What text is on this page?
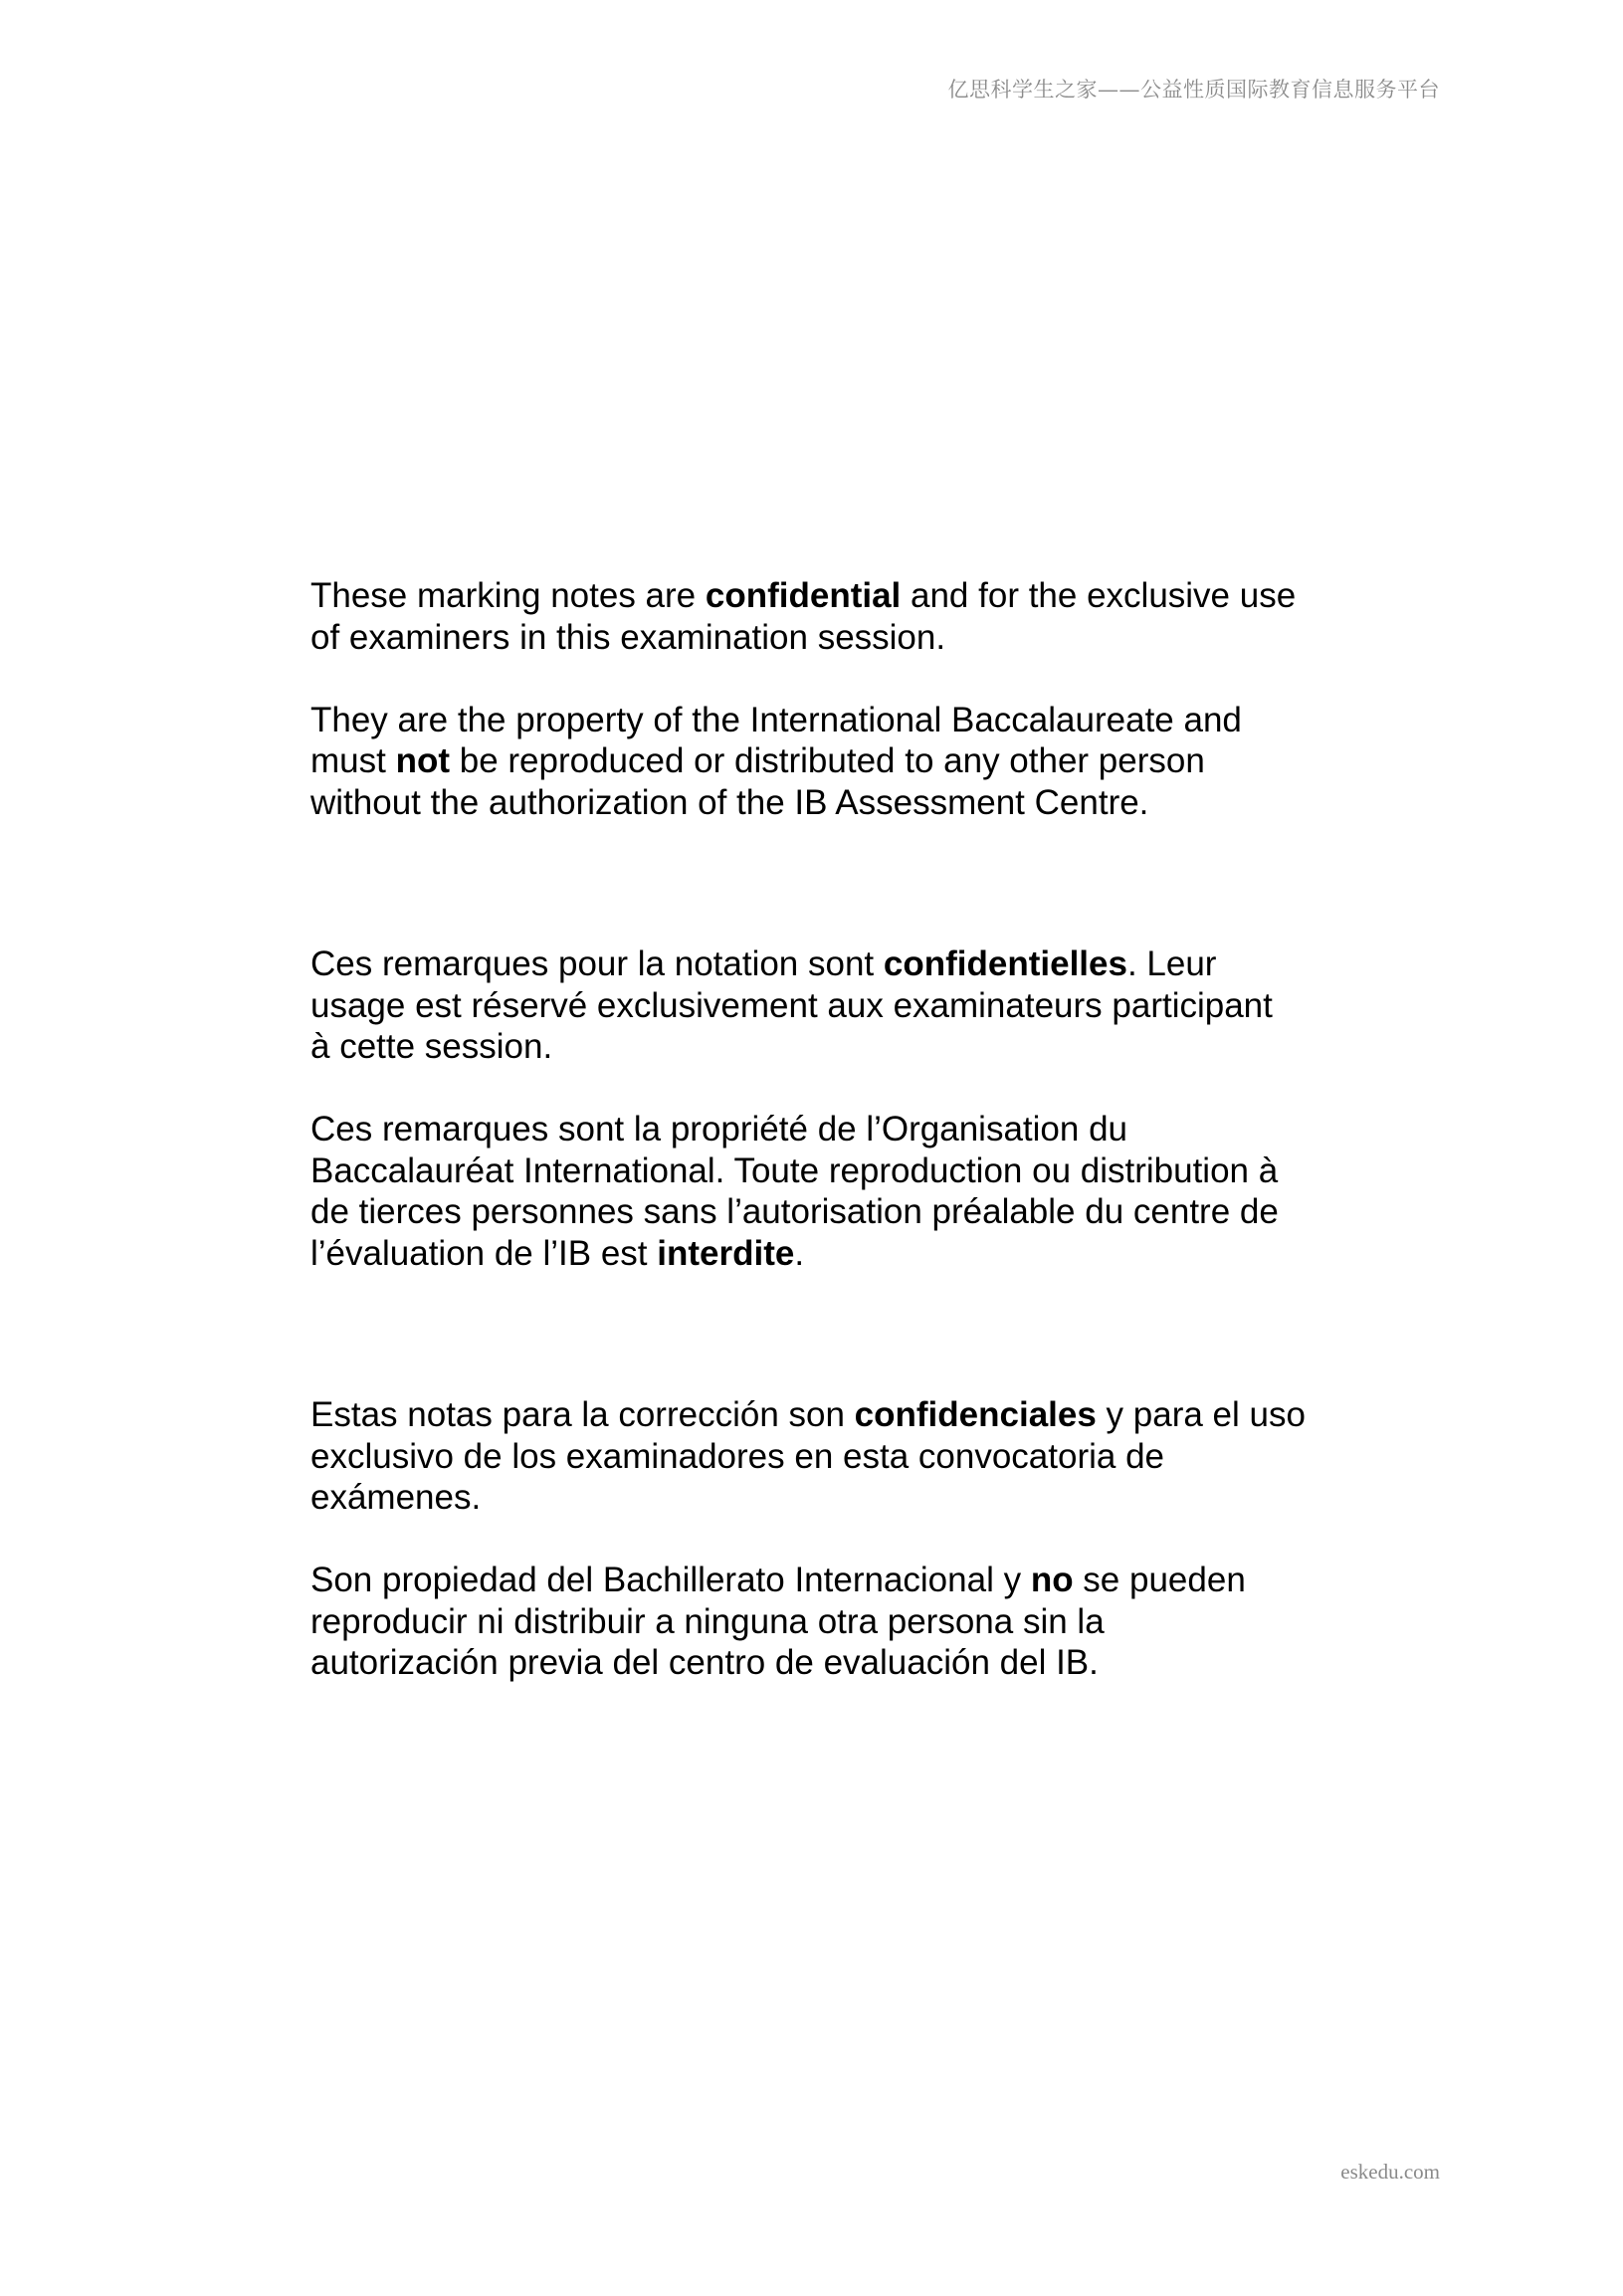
亿思科学生之家——公益性质国际教育信息服务平台

These marking notes are confidential and for the exclusive use
of examiners in this examination session.

They are the property of the International Baccalaureate and
must not be reproduced or distributed to any other person
without the authorization of the IB Assessment Centre.

Ces remarques pour la notation sont confidentielles. Leur
usage est réservé exclusivement aux examinateurs participant
à cette session.

Ces remarques sont la propriété de l’Organisation du
Baccalauréat International. Toute reproduction ou distribution à
de tierces personnes sans l’autorisation préalable du centre de
l’évaluation de l’IB est interdite.

Estas notas para la corrección son confidenciales y para el uso
exclusivo de los examinadores en esta convocatoria de
exámenes.

Son propiedad del Bachillerato Internacional y no se pueden
reproducir ni distribuir a ninguna otra persona sin la
autorización previa del centro de evaluación del IB.

eskedu.com
